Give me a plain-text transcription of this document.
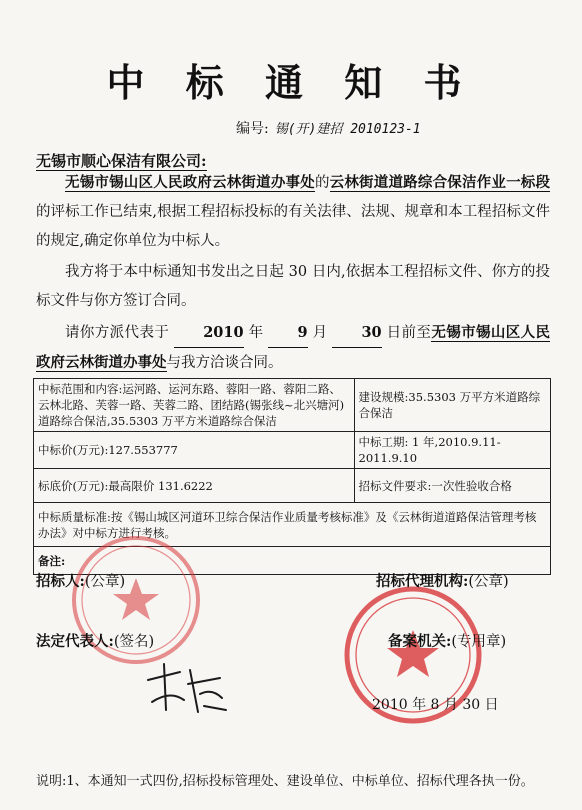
中 标 通 知 书
编号: 锡(开)建招 2010123-1
无锡市顺心保洁有限公司:
无锡市锡山区人民政府云林街道办事处的云林街道道路综合保洁作业一标段的评标工作已结束,根据工程招标投标的有关法律、法规、规章和本工程招标文件的规定,确定你单位为中标人。
我方将于本中标通知书发出之日起 30 日内,依据本工程招标文件、你方的投标文件与你方签订合同。
请你方派代表于 2010 年 9 月 30 日前至无锡市锡山区人民政府云林街道办事处与我方洽谈合同。
中标范围和内容:运河路、运河东路、蓉阳一路、蓉阳二路、云林北路、芙蓉一路、芙蓉二路、团结路(锡张线~北兴塘河)道路综合保洁,35.5303 万平方米道路综合保洁	建设规模:35.5303 万平方米道路综合保洁
中标价(万元):127.553777	中标工期: 1 年,2010.9.11-2011.9.10
标底价(万元):最高限价 131.6222	招标文件要求:一次性验收合格
中标质量标准:按《锡山城区河道环卫综合保洁作业质量考核标准》及《云林街道道路保洁管理考核办法》对中标方进行考核。	
备注:	
招标人:(公章)	招标代理机构:(公章)
法定代表人:(签名)	备案机关:(专用章)
2010 年 8 月 30 日
说明:1、本通知一式四份,招标投标管理处、建设单位、中标单位、招标代理各执一份。
